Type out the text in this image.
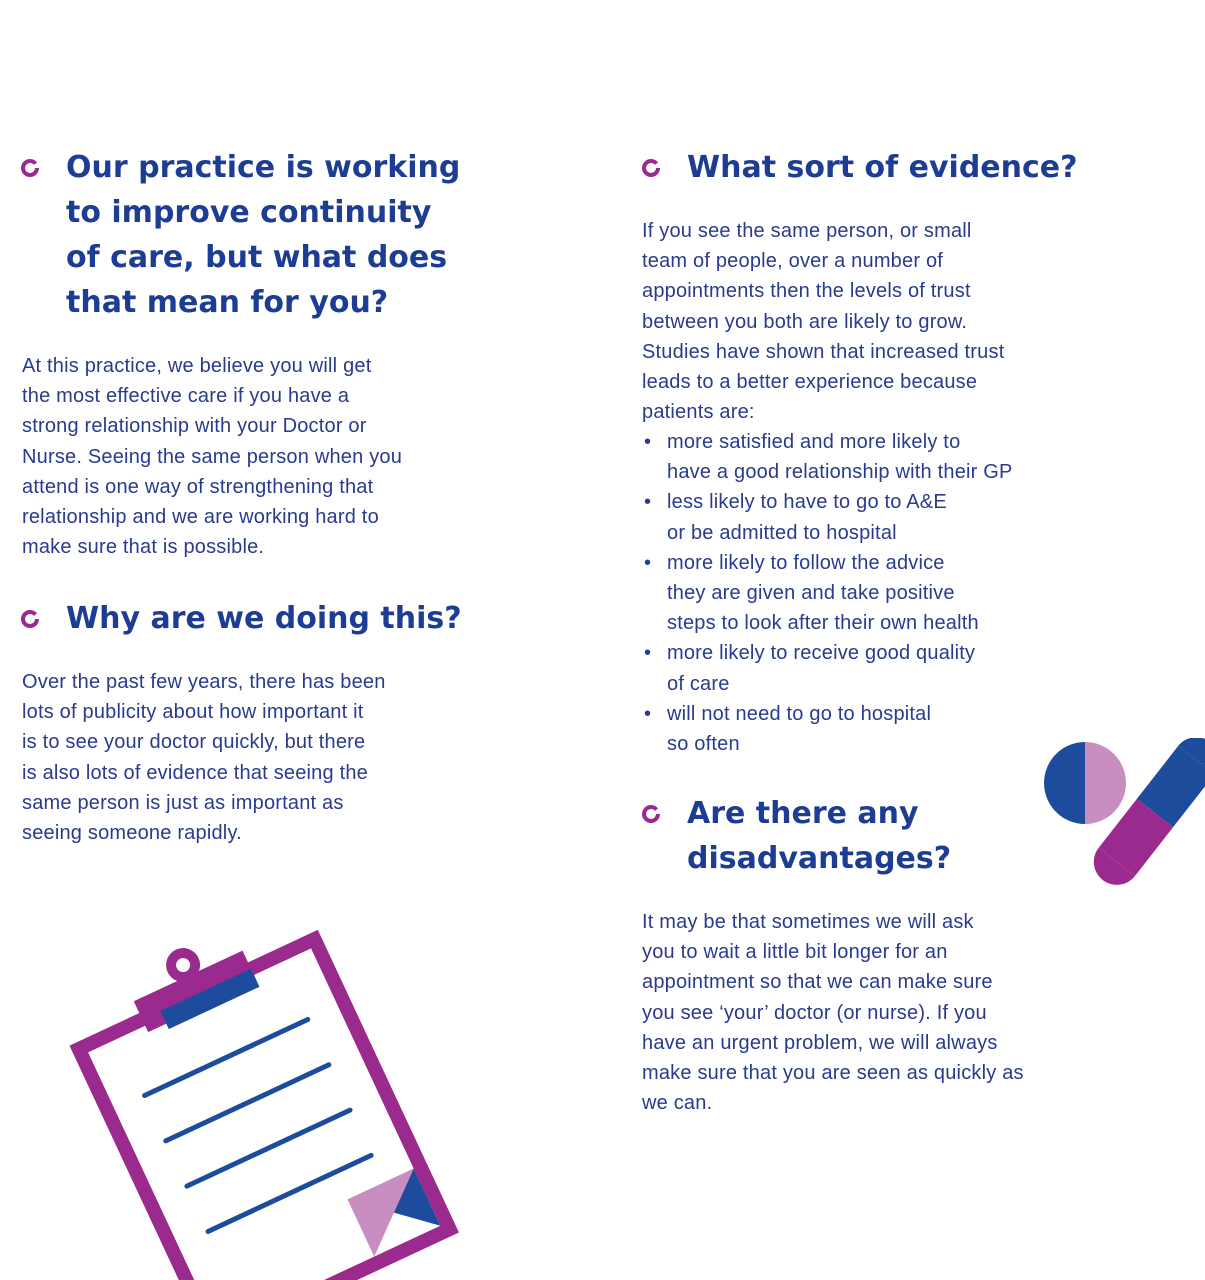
Our practice is working
to improve continuity
of care, but what does
that mean for you?

At this practice, we believe you will get
the most effective care if you have a
strong relationship with your Doctor or
Nurse. Seeing the same person when you
attend is one way of strengthening that
relationship and we are working hard to
make sure that is possible.

Why are we doing this?

Over the past few years, there has been
lots of publicity about how important it
is to see your doctor quickly, but there
is also lots of evidence that seeing the
same person is just as important as
seeing someone rapidly.

What sort of evidence?

If you see the same person, or small
team of people, over a number of
appointments then the levels of trust
between you both are likely to grow.
Studies have shown that increased trust
leads to a better experience because
patients are:

• more satisfied and more likely to
have a good relationship with their GP
• less likely to have to go to A&E
or be admitted to hospital
• more likely to follow the advice
they are given and take positive
steps to look after their own health
• more likely to receive good quality
of care
• will not need to go to hospital
so often
Are there any
disadvantages?

It may be that sometimes we will ask
you to wait a little bit longer for an
appointment so that we can make sure
you see ‘your’ doctor (or nurse). If you
have an urgent problem, we will always
make sure that you are seen as quickly as
we can.
